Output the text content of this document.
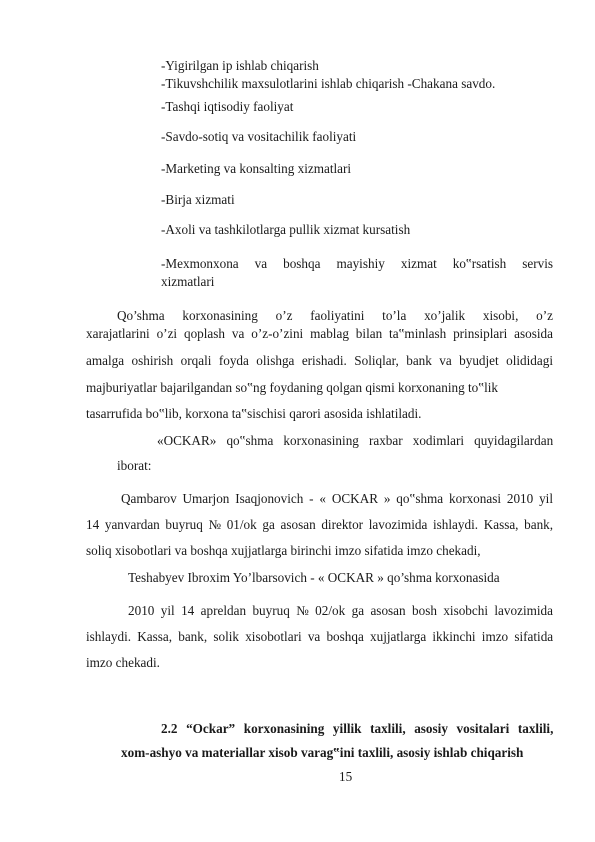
-Yigirilgan ip ishlab chiqarish
-Tikuvshchilik maxsulotlarini ishlab chiqarish -Chakana savdo.
-Tashqi iqtisodiy faoliyat
-Savdo-sotiq va vositachilik faoliyati
-Marketing va konsalting xizmatlari
-Birja xizmati
-Axoli va tashkilotlarga pullik xizmat kursatish
-Mexmonxona va boshqa mayishiy xizmat ko‟rsatish servis
xizmatlari
Qo’shma korxonasining o’z faoliyatini to’la xo’jalik xisobi, o’z
xarajatlarini o’zi qoplash va o’z-o’zini mablag bilan ta‟minlash prinsiplari asosida
amalga oshirish orqali foyda olishga erishadi. Soliqlar, bank va byudjet olididagi
majburiyatlar bajarilgandan so‟ng foydaning qolgan qismi korxonaning to‟lik
tasarrufida bo‟lib, korxona ta‟sischisi qarori asosida ishlatiladi.
«OCKAR» qo‟shma korxonasining raxbar xodimlari quyidagilardan
iborat:
Qambarov Umarjon Isaqjonovich - « OCKAR » qo‟shma korxonasi 2010 yil
14 yanvardan buyruq № 01/ok ga asosan direktor lavozimida ishlaydi. Kassa, bank,
soliq xisobotlari va boshqa xujjatlarga birinchi imzo sifatida imzo chekadi,
Teshabyev Ibroxim Yo’lbarsovich - « OCKAR » qo’shma korxonasida
2010 yil 14 apreldan buyruq № 02/ok ga asosan bosh xisobchi lavozimida
ishlaydi. Kassa, bank, solik xisobotlari va boshqa xujjatlarga ikkinchi imzo sifatida
imzo chekadi.
2.2 “Ockar” korxonasining yillik taxlili, asosiy vositalari taxlili,
xom-ashyo va materiallar xisob varag‟ini taxlili, asosiy ishlab chiqarish
15
